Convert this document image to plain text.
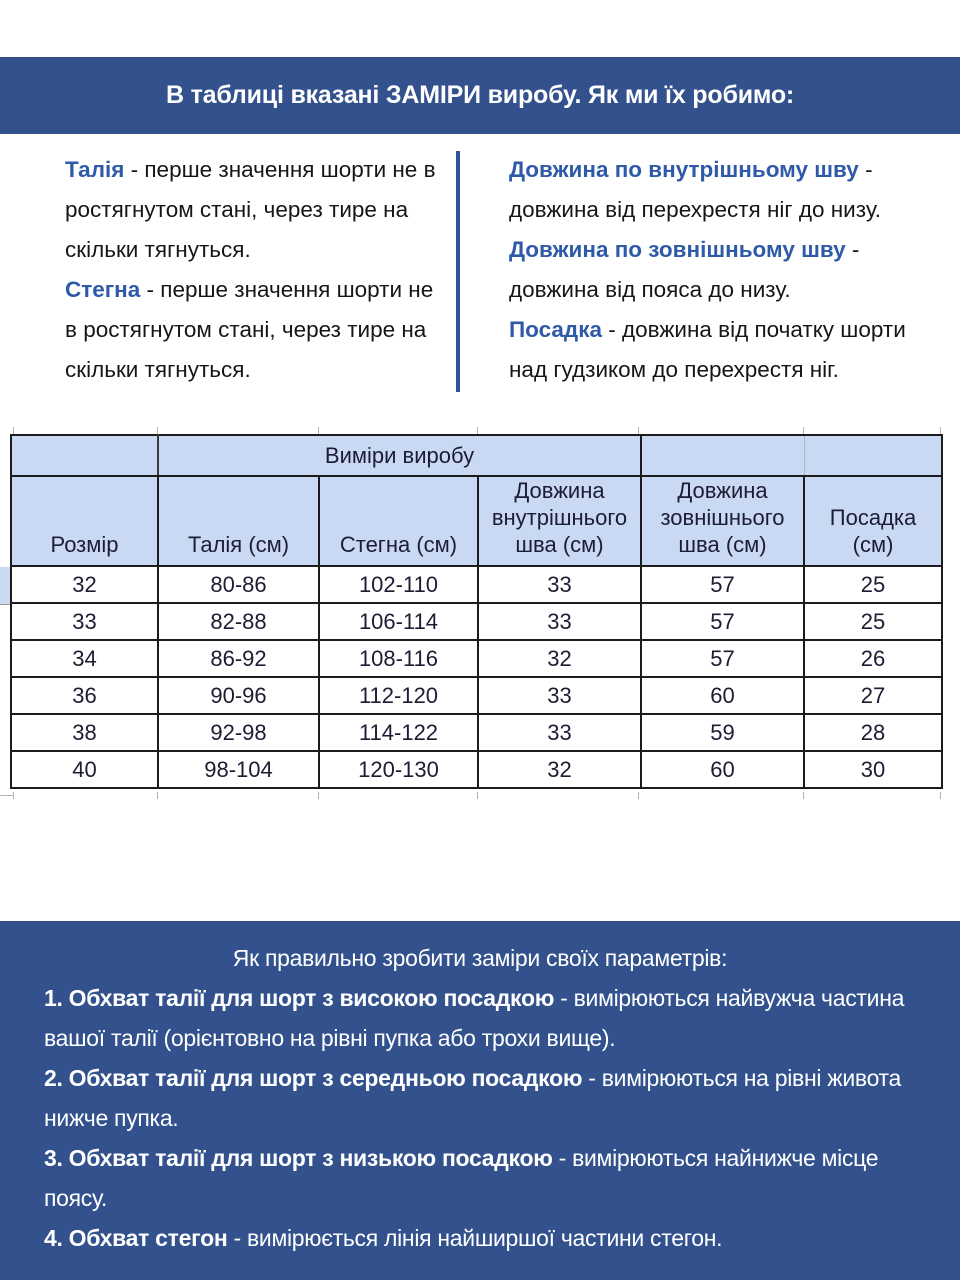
В таблиці вказані ЗАМІРИ виробу. Як ми їх робимо:

Талія - перше значення шорти не в ростягнутом стані, через тире на скільки тягнуться.

Стегна - перше значення шорти не в ростягнутом стані, через тире на скільки тягнуться.

Довжина по внутрішньому шву - довжина від перехрестя ніг до низу.

Довжина по зовнішньому шву - довжина від пояса до низу.

Посадка - довжина від початку шорти над гудзиком до перехрестя ніг.

	Виміри виробу				
Розмір	Талія (см)	Стегна (см)	Довжина внутрішнього шва (см)	Довжина зовнішнього шва (см)	Посадка (см)
32	80-86	102-110	33	57	25
33	82-88	106-114	33	57	25
34	86-92	108-116	32	57	26
36	90-96	112-120	33	60	27
38	92-98	114-122	33	59	28
40	98-104	120-130	32	60	30

Як правильно зробити заміри своїх параметрів:

1. Обхват талії для шорт з високою посадкою - вимірюються найвужча частина вашої талії (орієнтовно на рівні пупка або трохи вище).

2. Обхват талії для шорт з середньою посадкою - вимірюються на рівні живота нижче пупка.

3. Обхват талії для шорт з низькою посадкою - вимірюються найнижче місце поясу.

4. Обхват стегон - вимірюється лінія найширшої частини стегон.
